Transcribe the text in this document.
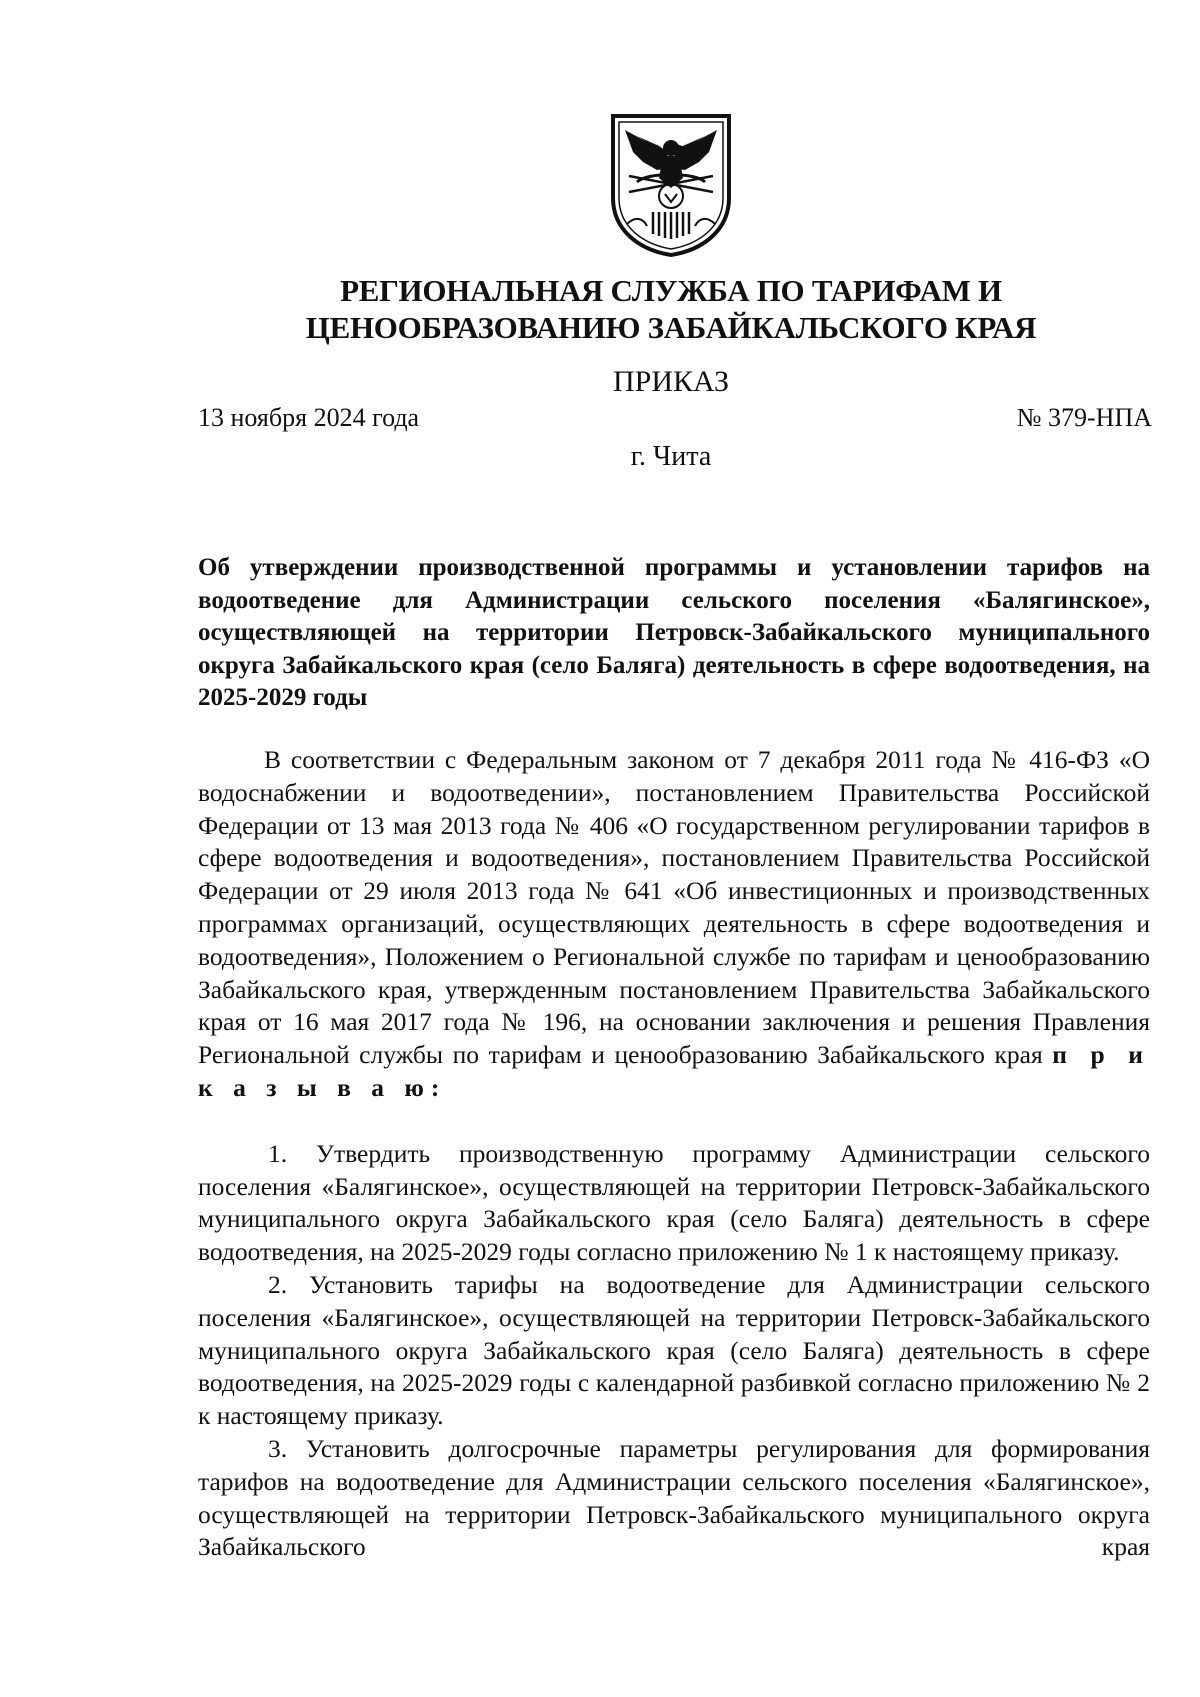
РЕГИОНАЛЬНАЯ СЛУЖБА ПО ТАРИФАМ И
ЦЕНООБРАЗОВАНИЮ ЗАБАЙКАЛЬСКОГО КРАЯ
ПРИКАЗ
13 ноября 2024 года	№ 379-НПА
г. Чита
Об утверждении производственной программы и установлении тарифов на водоотведение для Администрации сельского поселения «Балягинское», осуществляющей на территории Петровск-Забайкальского муниципального округа Забайкальского края (село Баляга) деятельность в сфере водоотведения, на 2025-2029 годы

В соответствии с Федеральным законом от 7 декабря 2011 года № 416-ФЗ «О водоснабжении и водоотведении», постановлением Правительства Российской Федерации от 13 мая 2013 года № 406 «О государственном регулировании тарифов в сфере водоотведения и водоотведения», постановлением Правительства Российской Федерации от 29 июля 2013 года № 641 «Об инвестиционных и производственных программах организаций, осуществляющих деятельность в сфере водоотведения и водоотведения», Положением о Региональной службе по тарифам и ценообразованию Забайкальского края, утвержденным постановлением Правительства Забайкальского края от 16 мая 2017 года № 196, на основании заключения и решения Правления Региональной службы по тарифам и ценообразованию Забайкальского края п р и к а з ы в а ю:

1. Утвердить производственную программу Администрации сельского поселения «Балягинское», осуществляющей на территории Петровск-Забайкальского муниципального округа Забайкальского края (село Баляга) деятельность в сфере водоотведения, на 2025-2029 годы согласно приложению № 1 к настоящему приказу.

2. Установить тарифы на водоотведение для Администрации сельского поселения «Балягинское», осуществляющей на территории Петровск-Забайкальского муниципального округа Забайкальского края (село Баляга) деятельность в сфере водоотведения, на 2025-2029 годы с календарной разбивкой согласно приложению № 2 к настоящему приказу.

3. Установить долгосрочные параметры регулирования для формирования тарифов на водоотведение для Администрации сельского поселения «Балягинское», осуществляющей на территории Петровск-Забайкальского муниципального округа Забайкальского края
